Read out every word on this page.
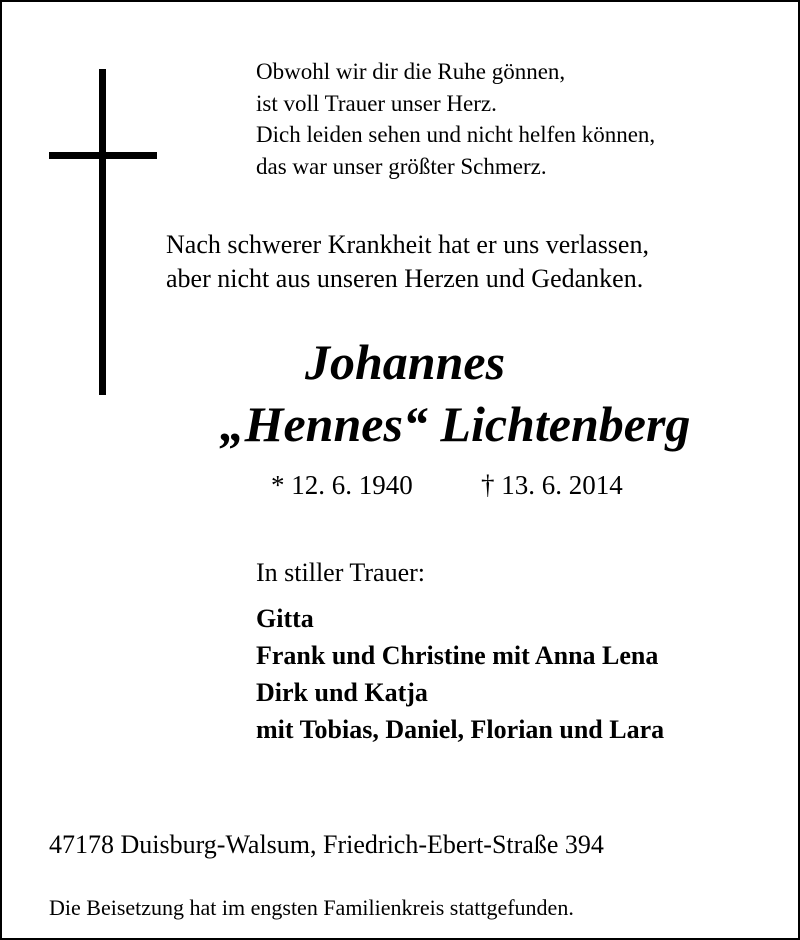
Obwohl wir dir die Ruhe gönnen,
ist voll Trauer unser Herz.
Dich leiden sehen und nicht helfen können,
das war unser größter Schmerz.
Nach schwerer Krankheit hat er uns verlassen,
aber nicht aus unseren Herzen und Gedanken.
Johannes
„Hennes“ Lichtenberg
* 12. 6. 1940	† 13. 6. 2014
In stiller Trauer:
Gitta
Frank und Christine mit Anna Lena
Dirk und Katja
mit Tobias, Daniel, Florian und Lara
47178 Duisburg-Walsum, Friedrich-Ebert-Straße 394
Die Beisetzung hat im engsten Familienkreis stattgefunden.
